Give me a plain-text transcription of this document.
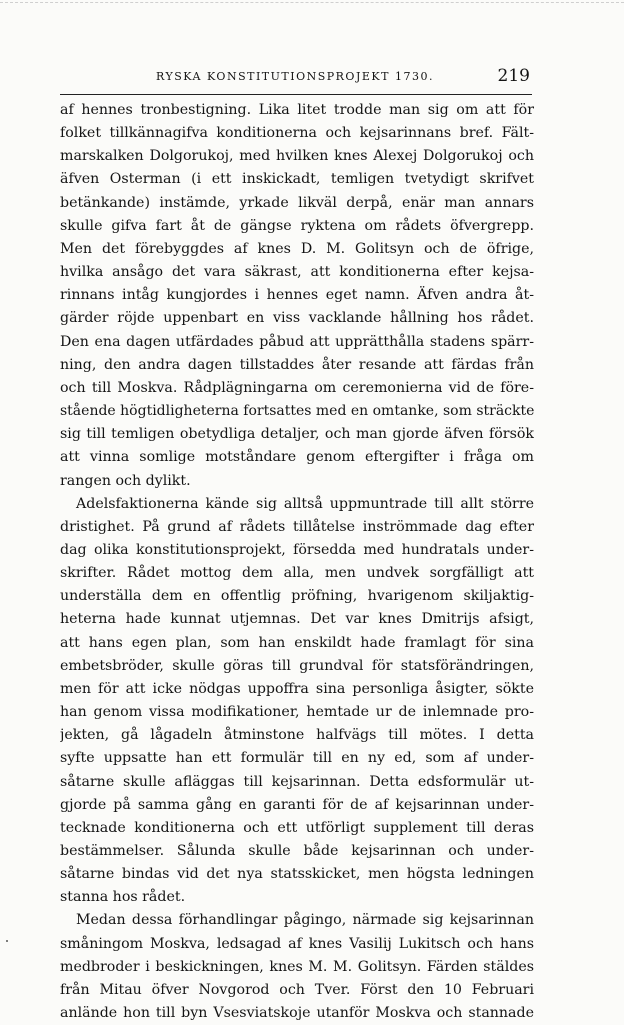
RYSKA KONSTITUTIONSPROJEKT 1730.	219
af hennes tronbestigning. Lika litet trodde man sig om att för
folket tillkännagifva konditionerna och kejsarinnans bref. Fält-
marskalken Dolgorukoj, med hvilken knes Alexej Dolgorukoj och
äfven Osterman (i ett inskickadt, temligen tvetydigt skrifvet
betänkande) instämde, yrkade likväl derpå, enär man annars
skulle gifva fart åt de gängse ryktena om rådets öfvergrepp.
Men det förebyggdes af knes D. M. Golitsyn och de öfrige,
hvilka ansågo det vara säkrast, att konditionerna efter kejsa-
rinnans intåg kungjordes i hennes eget namn. Äfven andra åt-
gärder röjde uppenbart en viss vacklande hållning hos rådet.
Den ena dagen utfärdades påbud att upprätthålla stadens spärr-
ning, den andra dagen tillstaddes åter resande att färdas från
och till Moskva. Rådplägningarna om ceremonierna vid de före-
stående högtidligheterna fortsattes med en omtanke, som sträckte
sig till temligen obetydliga detaljer, och man gjorde äfven försök
att vinna somlige motståndare genom eftergifter i fråga om
rangen och dylikt.
Adelsfaktionerna kände sig alltså uppmuntrade till allt större
dristighet. På grund af rådets tillåtelse inströmmade dag efter
dag olika konstitutionsprojekt, försedda med hundratals under-
skrifter. Rådet mottog dem alla, men undvek sorgfälligt att
underställa dem en offentlig pröfning, hvarigenom skiljaktig-
heterna hade kunnat utjemnas. Det var knes Dmitrijs afsigt,
att hans egen plan, som han enskildt hade framlagt för sina
embetsbröder, skulle göras till grundval för statsförändringen,
men för att icke nödgas uppoffra sina personliga åsigter, sökte
han genom vissa modifikationer, hemtade ur de inlemnade pro-
jekten, gå lågadeln åtminstone halfvägs till mötes. I detta
syfte uppsatte han ett formulär till en ny ed, som af under-
såtarne skulle afläggas till kejsarinnan. Detta edsformulär ut-
gjorde på samma gång en garanti för de af kejsarinnan under-
tecknade konditionerna och ett utförligt supplement till deras
bestämmelser. Sålunda skulle både kejsarinnan och under-
såtarne bindas vid det nya statsskicket, men högsta ledningen
stanna hos rådet.
Medan dessa förhandlingar pågingo, närmade sig kejsarinnan
småningom Moskva, ledsagad af knes Vasilij Lukitsch och hans
medbroder i beskickningen, knes M. M. Golitsyn. Färden stäldes
från Mitau öfver Novgorod och Tver. Först den 10 Februari
anlände hon till byn Vsesviatskoje utanför Moskva och stannade
